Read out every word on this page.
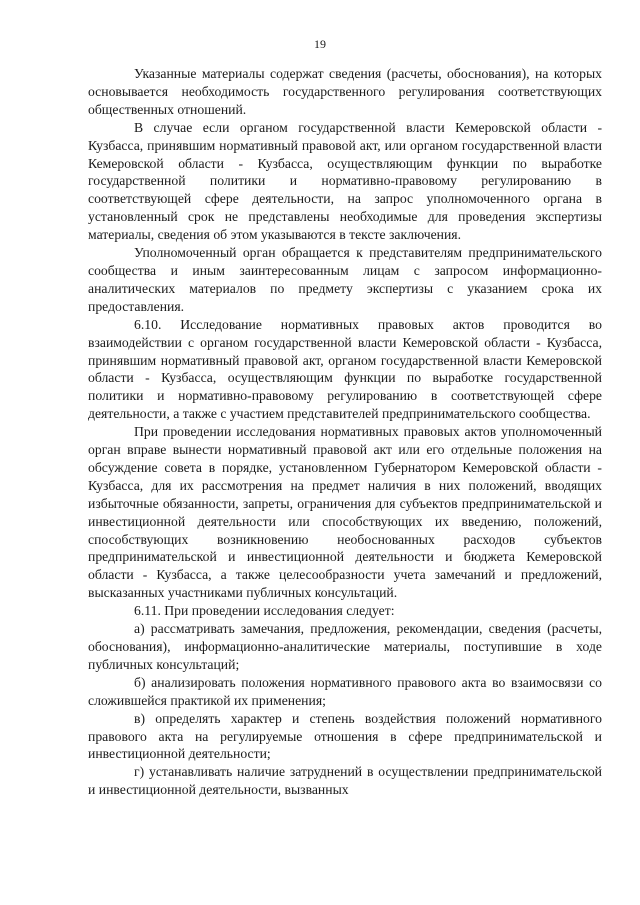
19

Указанные материалы содержат сведения (расчеты, обоснования), на которых основывается необходимость государственного регулирования соответствующих общественных отношений.

В случае если органом государственной власти Кемеровской области - Кузбасса, принявшим нормативный правовой акт, или органом государственной власти Кемеровской области - Кузбасса, осуществляющим функции по выработке государственной политики и нормативно-правовому регулированию в соответствующей сфере деятельности, на запрос уполномоченного органа в установленный срок не представлены необходимые для проведения экспертизы материалы, сведения об этом указываются в тексте заключения.

Уполномоченный орган обращается к представителям предпринимательского сообщества и иным заинтересованным лицам с запросом информационно-аналитических материалов по предмету экспертизы с указанием срока их предоставления.

6.10. Исследование нормативных правовых актов проводится во взаимодействии с органом государственной власти Кемеровской области - Кузбасса, принявшим нормативный правовой акт, органом государственной власти Кемеровской области - Кузбасса, осуществляющим функции по выработке государственной политики и нормативно-правовому регулированию в соответствующей сфере деятельности, а также с участием представителей предпринимательского сообщества.

При проведении исследования нормативных правовых актов уполномоченный орган вправе вынести нормативный правовой акт или его отдельные положения на обсуждение совета в порядке, установленном Губернатором Кемеровской области - Кузбасса, для их рассмотрения на предмет наличия в них положений, вводящих избыточные обязанности, запреты, ограничения для субъектов предпринимательской и инвестиционной деятельности или способствующих их введению, положений, способствующих возникновению необоснованных расходов субъектов предпринимательской и инвестиционной деятельности и бюджета Кемеровской области - Кузбасса, а также целесообразности учета замечаний и предложений, высказанных участниками публичных консультаций.

6.11. При проведении исследования следует:

а) рассматривать замечания, предложения, рекомендации, сведения (расчеты, обоснования), информационно-аналитические материалы, поступившие в ходе публичных консультаций;

б) анализировать положения нормативного правового акта во взаимосвязи со сложившейся практикой их применения;

в) определять характер и степень воздействия положений нормативного правового акта на регулируемые отношения в сфере предпринимательской и инвестиционной деятельности;

г) устанавливать наличие затруднений в осуществлении предпринимательской и инвестиционной деятельности, вызванных
